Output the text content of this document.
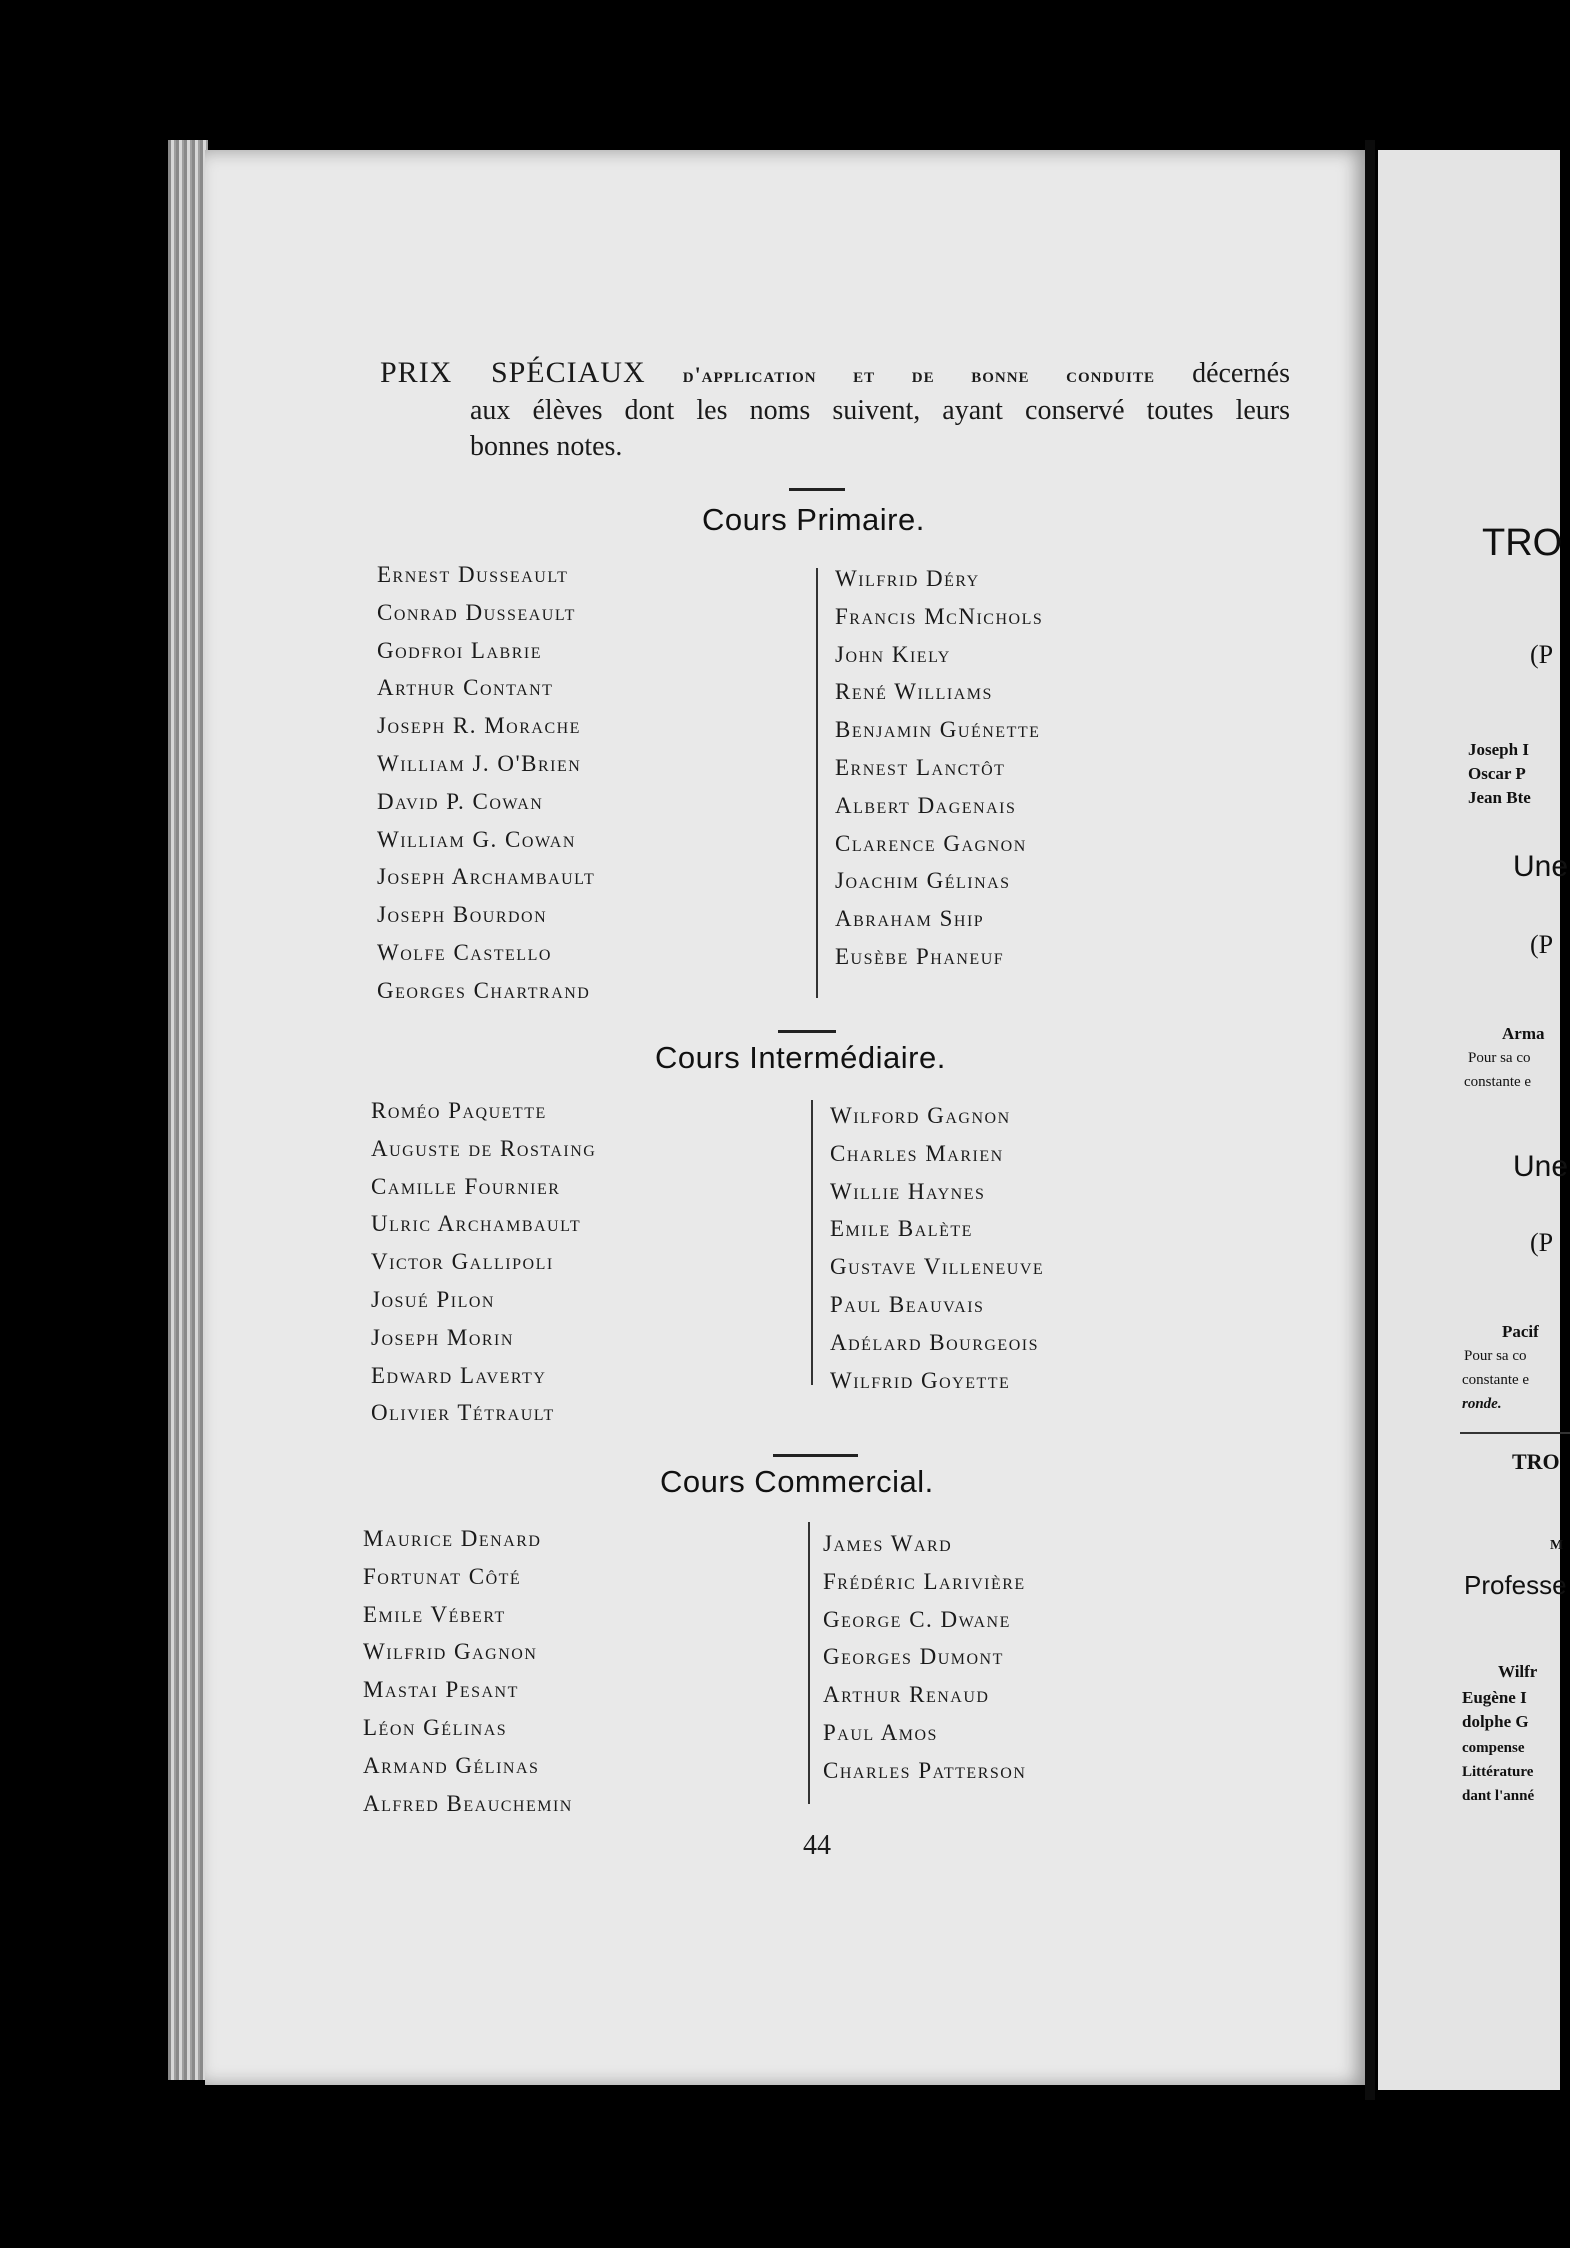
PRIX SPÉCIAUX d'application et de bonne conduite décernés
aux élèves dont les noms suivent, ayant conservé toutes leurs
bonnes notes.
Cours Primaire.
Ernest Dusseault
Conrad Dusseault
Godfroi Labrie
Arthur Contant
Joseph R. Morache
William J. O'Brien
David P. Cowan
William G. Cowan
Joseph Archambault
Joseph Bourdon
Wolfe Castello
Georges Chartrand
Wilfrid Déry
Francis McNichols
John Kiely
René Williams
Benjamin Guénette
Ernest Lanctôt
Albert Dagenais
Clarence Gagnon
Joachim Gélinas
Abraham Ship
Eusèbe Phaneuf
Cours Intermédiaire.
Roméo Paquette
Auguste de Rostaing
Camille Fournier
Ulric Archambault
Victor Gallipoli
Josué Pilon
Joseph Morin
Edward Laverty
Olivier Tétrault
Wilford Gagnon
Charles Marien
Willie Haynes
Emile Balète
Gustave Villeneuve
Paul Beauvais
Adélard Bourgeois
Wilfrid Goyette
Cours Commercial.
Maurice Denard
Fortunat Côté
Emile Vébert
Wilfrid Gagnon
Mastai Pesant
Léon Gélinas
Armand Gélinas
Alfred Beauchemin
James Ward
Frédéric Larivière
George C. Dwane
Georges Dumont
Arthur Renaud
Paul Amos
Charles Patterson
44
TRO
(P
Joseph I
Oscar P
Jean Bte
Une
(P
Arma
Pour sa co
constante e
Une
(P
Pacif
Pour sa co
constante e
ronde.
TRO
M
Professe
Wilfr
Eugène I
dolphe G
compense
Littérature
dant l'anné
